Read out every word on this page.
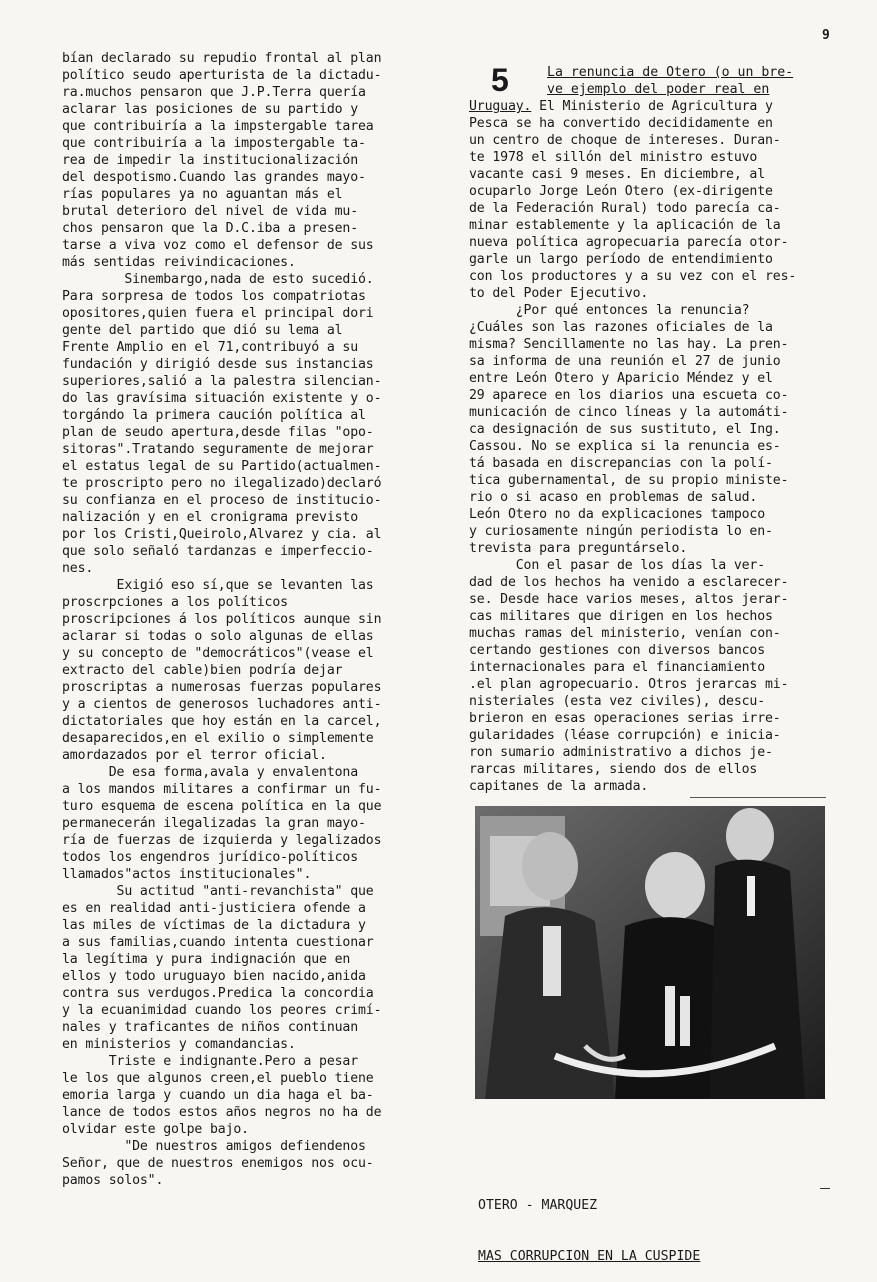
9

bían declarado su repudio frontal al plan
político seudo aperturista de la dictadu-
ra.muchos pensaron que J.P.Terra quería
aclarar las posiciones de su partido y
que contribuiría a la impstergable tarea
que contribuiría a la impostergable ta-
rea de impedir la institucionalización
del despotismo.Cuando las grandes mayo-
rías populares ya no aguantan más el
brutal deterioro del nivel de vida mu-
chos pensaron que la D.C.iba a presen-
tarse a viva voz como el defensor de sus
más sentidas reivindicaciones.

Sinembargo,nada de esto sucedió.
Para sorpresa de todos los compatriotas
opositores,quien fuera el principal dori
gente del partido que dió su lema al
Frente Amplio en el 71,contribuyó a su
fundación y dirigió desde sus instancias
superiores,salió a la palestra silencian-
do las gravísima situación existente y o-
torgándo la primera caución política al
plan de seudo apertura,desde filas "opo-
sitoras".Tratando seguramente de mejorar
el estatus legal de su Partido(actualmen-
te proscripto pero no ilegalizado)declaró
su confianza en el proceso de institucio-
nalización y en el cronigrama previsto
por los Cristi,Queirolo,Alvarez y cia. al
que solo señaló tardanzas e imperfeccio-
nes.

Exigió eso sí,que se levanten las
proscrpciones a los políticos
proscripciones á los políticos aunque sin
aclarar si todas o solo algunas de ellas
y su concepto de "democráticos"(vease el
extracto del cable)bien podría dejar
proscriptas a numerosas fuerzas populares
y a cientos de generosos luchadores anti-
dictatoriales que hoy están en la carcel,
desaparecidos,en el exilio o simplemente
amordazados por el terror oficial.

De esa forma,avala y envalentona
a los mandos militares a confirmar un fu-
turo esquema de escena política en la que
permanecerán ilegalizadas la gran mayo-
ría de fuerzas de izquierda y legalizados
todos los engendros jurídico-políticos
llamados"actos institucionales".

Su actitud "anti-revanchista" que
es en realidad anti-justiciera ofende a
las miles de víctimas de la dictadura y
a sus familias,cuando intenta cuestionar
la legítima y pura indignación que en
ellos y todo uruguayo bien nacido,anida
contra sus verdugos.Predica la concordia
y la ecuanimidad cuando los peores crimí-
nales y traficantes de niños continuan
en ministerios y comandancias.

Triste e indignante.Pero a pesar
le los que algunos creen,el pueblo tiene
emoria larga y cuando un dia haga el ba-
lance de todos estos años negros no ha de
olvidar este golpe bajo.

"De nuestros amigos defiendenos
Señor, que de nuestros enemigos nos ocu-
pamos solos".

5	La renuncia de Otero (o un bre-
ve ejemplo del poder real en

Uruguay. El Ministerio de Agricultura y
Pesca se ha convertido decididamente en
un centro de choque de intereses. Duran-
te 1978 el sillón del ministro estuvo
vacante casi 9 meses. En diciembre, al
ocuparlo Jorge León Otero (ex-dirigente
de la Federación Rural) todo parecía ca-
minar establemente y la aplicación de la
nueva política agropecuaria parecía otor-
garle un largo período de entendimiento
con los productores y a su vez con el res-
to del Poder Ejecutivo.

¿Por qué entonces la renuncia?
¿Cuáles son las razones oficiales de la
misma? Sencillamente no las hay. La pren-
sa informa de una reunión el 27 de junio
entre León Otero y Aparicio Méndez y el
29 aparece en los diarios una escueta co-
municación de cinco líneas y la automáti-
ca designación de sus sustituto, el Ing.
Cassou. No se explica si la renuncia es-
tá basada en discrepancias con la polí-
tica gubernamental, de su propio ministe-
rio o si acaso en problemas de salud.
León Otero no da explicaciones tampoco
y curiosamente ningún periodista lo en-
trevista para preguntárselo.

Con el pasar de los días la ver-
dad de los hechos ha venido a esclarecer-
se. Desde hace varios meses, altos jerar-
cas militares que dirigen en los hechos
muchas ramas del ministerio, venían con-
certando gestiones con diversos bancos
internacionales para el financiamiento
.el plan agropecuario. Otros jerarcas mi-
nisteriales (esta vez civiles), descu-
brieron en esas operaciones serias irre-
gularidades (léase corrupción) e inicia-
ron sumario administrativo a dichos je-
rarcas militares, siendo dos de ellos
capitanes de la armada.

OTERO - MARQUEZ

MAS CORRUPCION EN LA CUSPIDE
